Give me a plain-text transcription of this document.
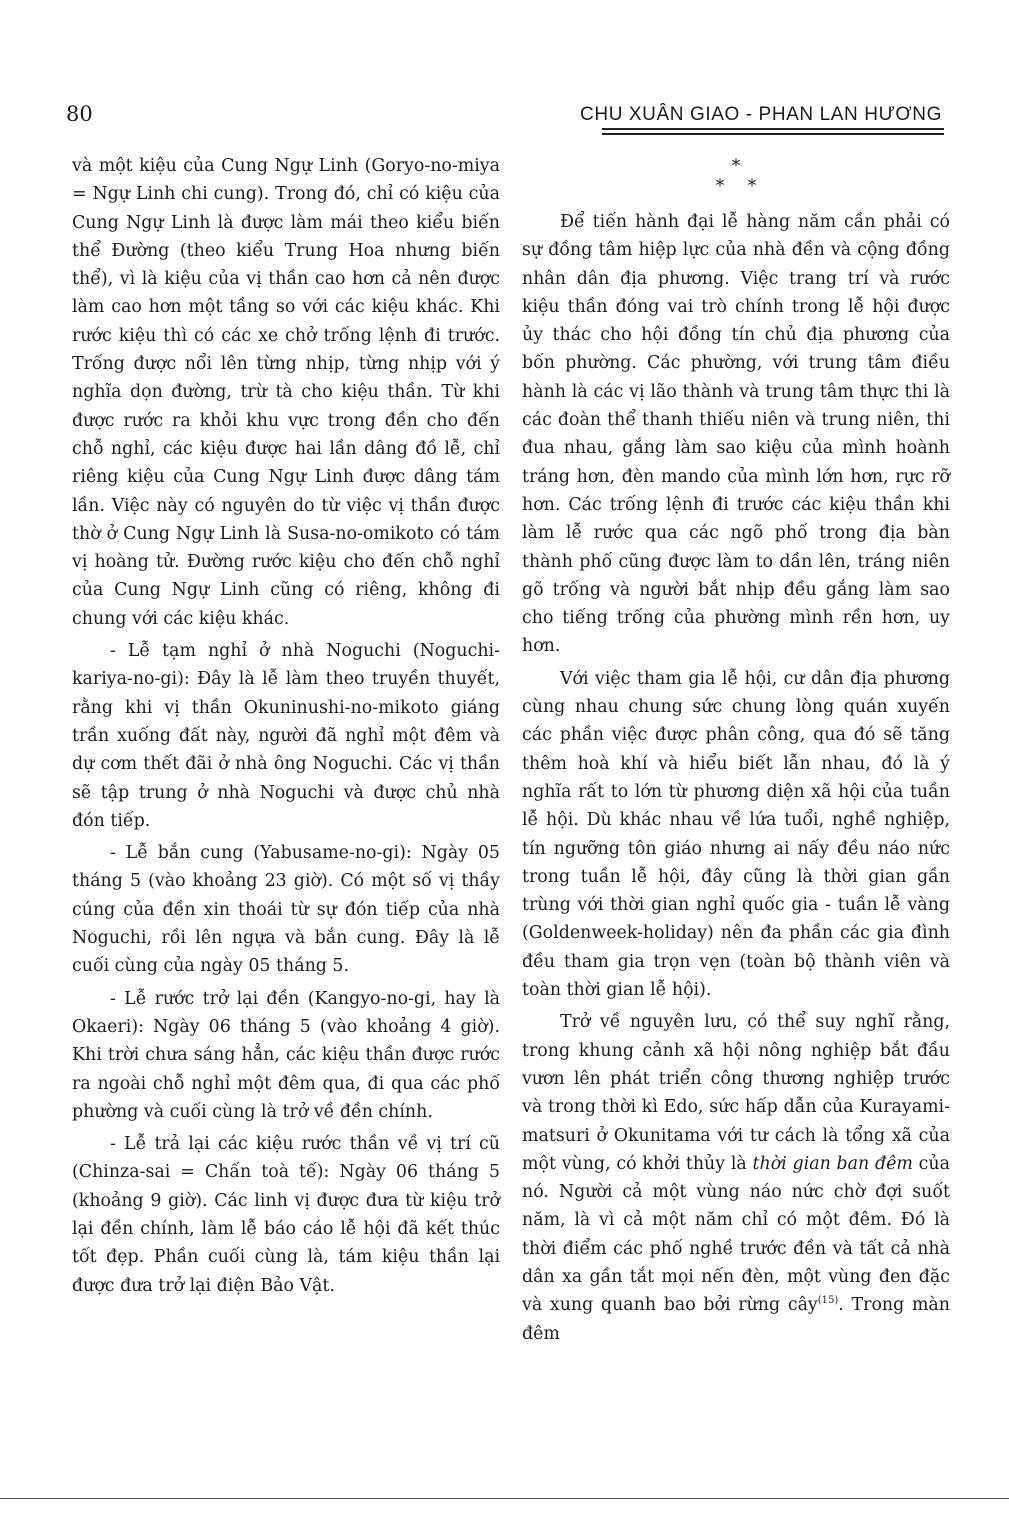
80	CHU XUÂN GIAO - PHAN LAN HƯƠNG

và một kiệu của Cung Ngự Linh (Goryo-no-miya = Ngự Linh chi cung). Trong đó, chỉ có kiệu của Cung Ngự Linh là được làm mái theo kiểu biến thể Đường (theo kiểu Trung Hoa nhưng biến thể), vì là kiệu của vị thần cao hơn cả nên được làm cao hơn một tầng so với các kiệu khác. Khi rước kiệu thì có các xe chở trống lệnh đi trước. Trống được nổi lên từng nhịp, từng nhịp với ý nghĩa dọn đường, trừ tà cho kiệu thần. Từ khi được rước ra khỏi khu vực trong đền cho đến chỗ nghỉ, các kiệu được hai lần dâng đồ lễ, chỉ riêng kiệu của Cung Ngự Linh được dâng tám lần. Việc này có nguyên do từ việc vị thần được thờ ở Cung Ngự Linh là Susa-no-omikoto có tám vị hoàng tử. Đường rước kiệu cho đến chỗ nghỉ của Cung Ngự Linh cũng có riêng, không đi chung với các kiệu khác.

- Lễ tạm nghỉ ở nhà Noguchi (Noguchi-kariya-no-gi): Đây là lễ làm theo truyền thuyết, rằng khi vị thần Okuninushi-no-mikoto giáng trần xuống đất này, người đã nghỉ một đêm và dự cơm thết đãi ở nhà ông Noguchi. Các vị thần sẽ tập trung ở nhà Noguchi và được chủ nhà đón tiếp.

- Lễ bắn cung (Yabusame-no-gi): Ngày 05 tháng 5 (vào khoảng 23 giờ). Có một số vị thầy cúng của đền xin thoái từ sự đón tiếp của nhà Noguchi, rồi lên ngựa và bắn cung. Đây là lễ cuối cùng của ngày 05 tháng 5.

- Lễ rước trở lại đền (Kangyo-no-gi, hay là Okaeri): Ngày 06 tháng 5 (vào khoảng 4 giờ). Khi trời chưa sáng hẳn, các kiệu thần được rước ra ngoài chỗ nghỉ một đêm qua, đi qua các phố phường và cuối cùng là trở về đền chính.

- Lễ trả lại các kiệu rước thần về vị trí cũ (Chinza-sai = Chấn toà tế): Ngày 06 tháng 5 (khoảng 9 giờ). Các linh vị được đưa từ kiệu trở lại đền chính, làm lễ báo cáo lễ hội đã kết thúc tốt đẹp. Phần cuối cùng là, tám kiệu thần lại được đưa trở lại điện Bảo Vật.

*
* *

Để tiến hành đại lễ hàng năm cần phải có sự đồng tâm hiệp lực của nhà đền và cộng đồng nhân dân địa phương. Việc trang trí và rước kiệu thần đóng vai trò chính trong lễ hội được ủy thác cho hội đồng tín chủ địa phương của bốn phường. Các phường, với trung tâm điều hành là các vị lão thành và trung tâm thực thi là các đoàn thể thanh thiếu niên và trung niên, thi đua nhau, gắng làm sao kiệu của mình hoành tráng hơn, đèn mando của mình lớn hơn, rực rỡ hơn. Các trống lệnh đi trước các kiệu thần khi làm lễ rước qua các ngõ phố trong địa bàn thành phố cũng được làm to dần lên, tráng niên gõ trống và người bắt nhịp đều gắng làm sao cho tiếng trống của phường mình rền hơn, uy hơn.

Với việc tham gia lễ hội, cư dân địa phương cùng nhau chung sức chung lòng quán xuyến các phần việc được phân công, qua đó sẽ tăng thêm hoà khí và hiểu biết lẫn nhau, đó là ý nghĩa rất to lớn từ phương diện xã hội của tuần lễ hội. Dù khác nhau về lứa tuổi, nghề nghiệp, tín ngưỡng tôn giáo nhưng ai nấy đều náo nức trong tuần lễ hội, đây cũng là thời gian gần trùng với thời gian nghỉ quốc gia - tuần lễ vàng (Goldenweek-holiday) nên đa phần các gia đình đều tham gia trọn vẹn (toàn bộ thành viên và toàn thời gian lễ hội).

Trở về nguyên lưu, có thể suy nghĩ rằng, trong khung cảnh xã hội nông nghiệp bắt đầu vươn lên phát triển công thương nghiệp trước và trong thời kì Edo, sức hấp dẫn của Kurayami-matsuri ở Okunitama với tư cách là tổng xã của một vùng, có khởi thủy là thời gian ban đêm của nó. Người cả một vùng náo nức chờ đợi suốt năm, là vì cả một năm chỉ có một đêm. Đó là thời điểm các phố nghề trước đền và tất cả nhà dân xa gần tắt mọi nến đèn, một vùng đen đặc và xung quanh bao bởi rừng cây$^{(15)}$. Trong màn đêm
